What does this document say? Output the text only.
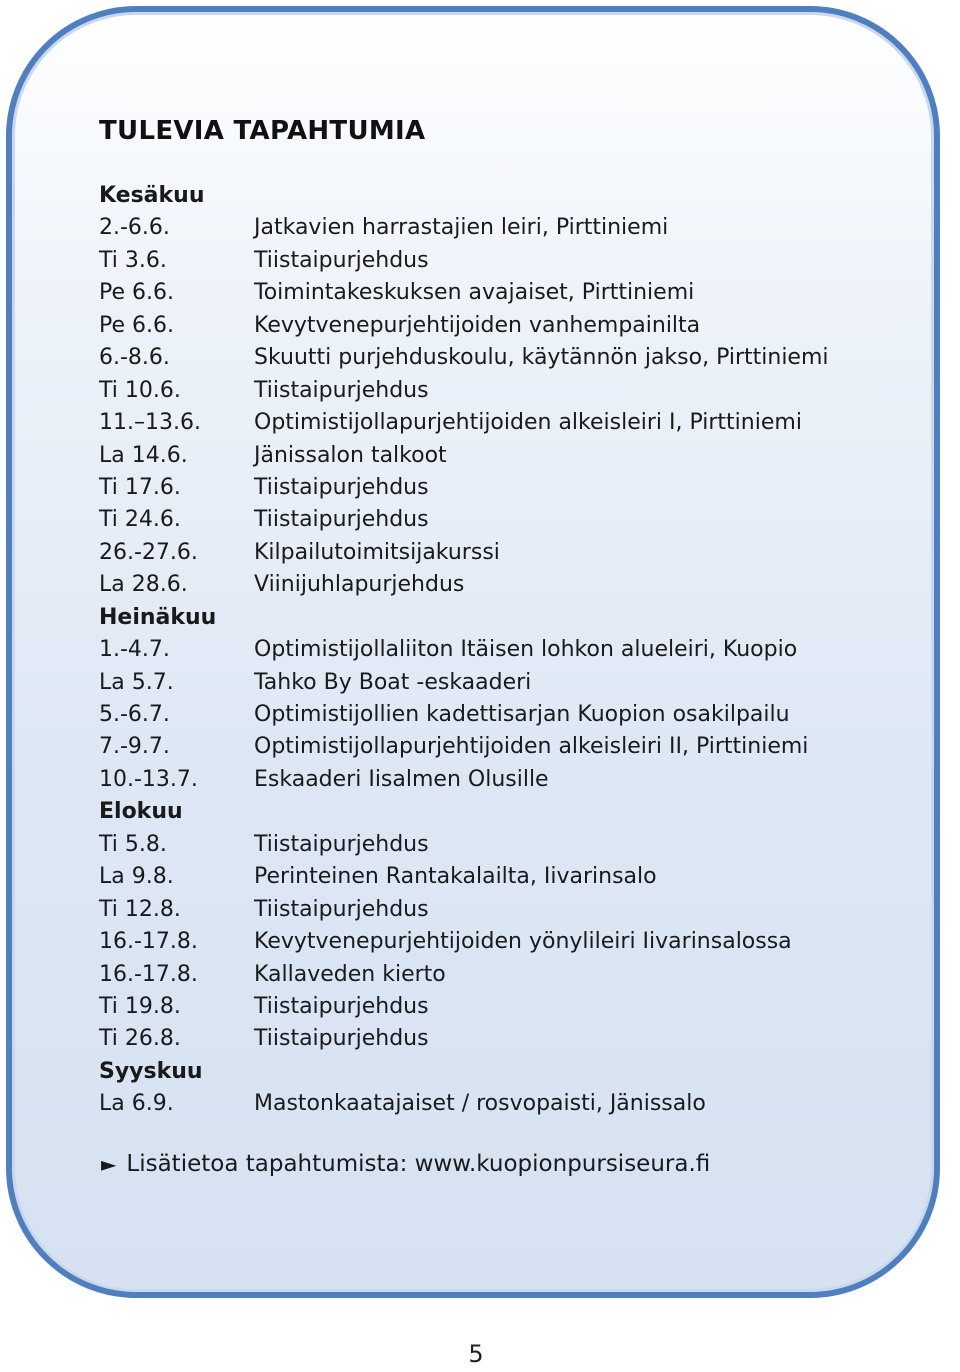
TULEVIA TAPAHTUMIA
Kesäkuu
2.-6.6.	Jatkavien harrastajien leiri, Pirttiniemi
Ti 3.6.	Tiistaipurjehdus
Pe 6.6.	Toimintakeskuksen avajaiset, Pirttiniemi
Pe 6.6.	Kevytvenepurjehtijoiden vanhempainilta
6.-8.6.	Skuutti purjehduskoulu, käytännön jakso, Pirttiniemi
Ti 10.6.	Tiistaipurjehdus
11.–13.6. Optimistijollapurjehtijoiden alkeisleiri I, Pirttiniemi
La 14.6.	Jänissalon talkoot
Ti 17.6.	Tiistaipurjehdus
Ti 24.6.	Tiistaipurjehdus
26.-27.6.	Kilpailutoimitsijakurssi
La 28.6.	Viinijuhlapurjehdus
Heinäkuu
1.-4.7.	Optimistijollaliiton Itäisen lohkon alueleiri, Kuopio
La 5.7.	Tahko By Boat -eskaaderi
5.-6.7.	Optimistijollien kadettisarjan Kuopion osakilpailu
7.-9.7.	Optimistijollapurjehtijoiden alkeisleiri II, Pirttiniemi
10.-13.7.	Eskaaderi Iisalmen Olusille
Elokuu
Ti 5.8.	Tiistaipurjehdus
La 9.8.	Perinteinen Rantakalailta, Iivarinsalo
Ti 12.8.	Tiistaipurjehdus
16.-17.8.	Kevytvenepurjehtijoiden yönylileiri Iivarinsalossa
16.-17.8.	Kallaveden kierto
Ti 19.8.	Tiistaipurjehdus
Ti 26.8.	Tiistaipurjehdus
Syyskuu
La 6.9.	Mastonkaatajaiset / rosvopaisti, Jänissalo
► Lisätietoa tapahtumista: www.kuopionpursiseura.fi
5
